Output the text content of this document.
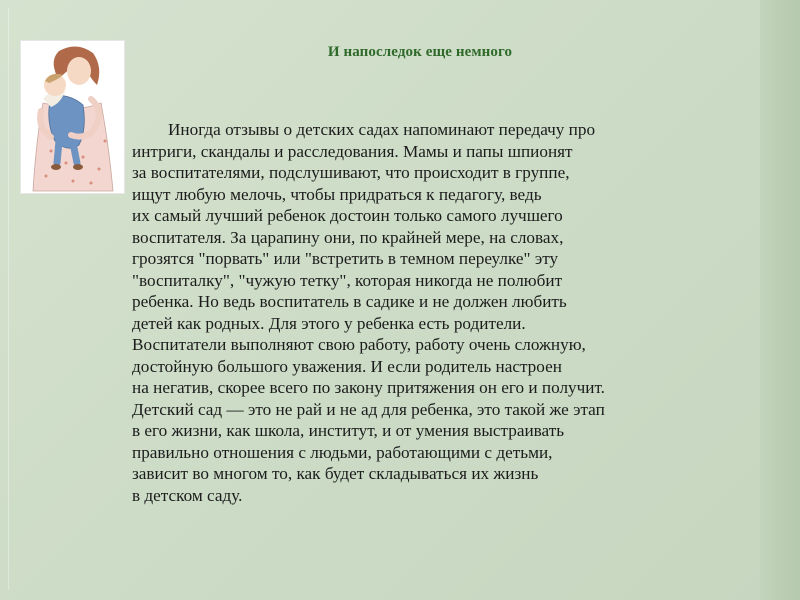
И напоследок еще немного
Иногда отзывы о детских садах напоминают передачу про
интриги, скандалы и расследования. Мамы и папы шпионят
за воспитателями, подслушивают, что происходит в группе,
ищут любую мелочь, чтобы придраться к педагогу, ведь
их самый лучший ребенок достоин только самого лучшего
воспитателя. За царапину они, по крайней мере, на словах,
грозятся "порвать" или "встретить в темном переулке" эту
"воспиталку", "чужую тетку", которая никогда не полюбит
ребенка. Но ведь воспитатель в садике и не должен любить
детей как родных. Для этого у ребенка есть родители.
Воспитатели выполняют свою работу, работу очень сложную,
достойную большого уважения. И если родитель настроен
на негатив, скорее всего по закону притяжения он его и получит.
Детский сад — это не рай и не ад для ребенка, это такой же этап
в его жизни, как школа, институт, и от умения выстраивать
правильно отношения с людьми, работающими с детьми,
зависит во многом то, как будет складываться их жизнь
в детском саду.
